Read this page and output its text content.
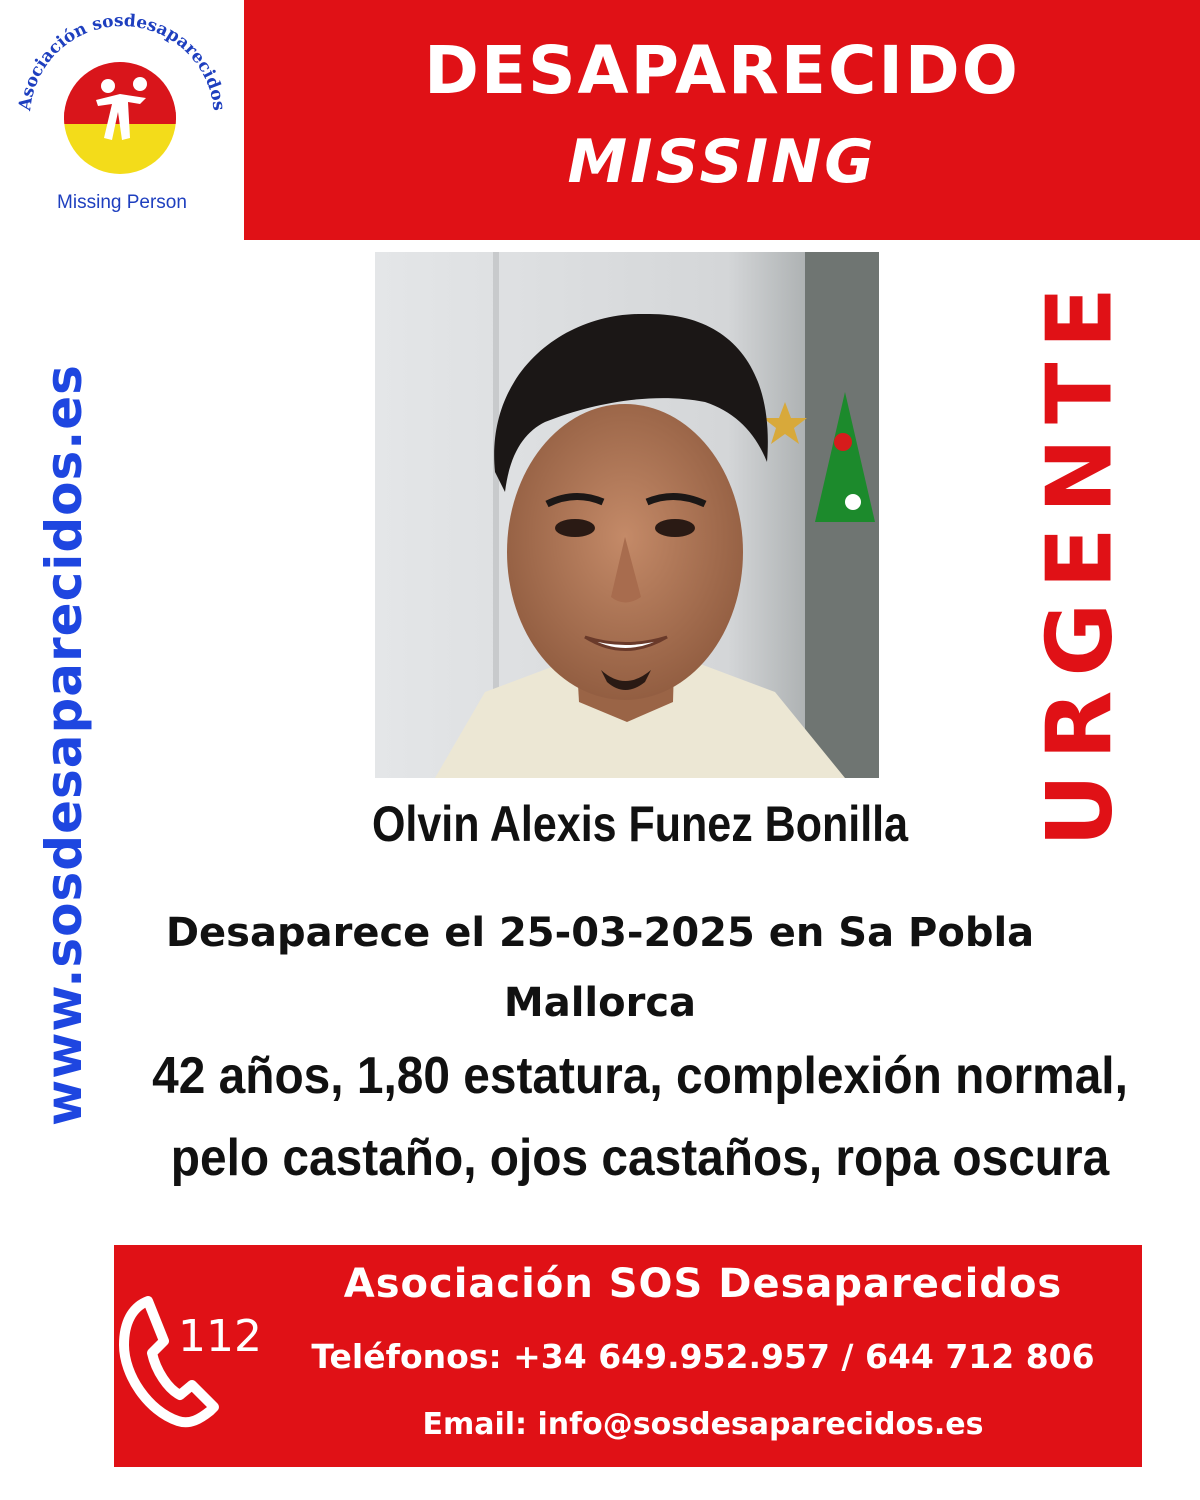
Asociación sosdesaparecidos
Missing Person
DESAPARECIDO
MISSING
www.sosdesaparecidos.es	URGENTE
Olvin Alexis Funez Bonilla
Desaparece el 25-03-2025 en Sa Pobla
Mallorca
42 años, 1,80 estatura, complexión normal,
pelo castaño, ojos castaños, ropa oscura
112
Asociación SOS Desaparecidos
Teléfonos: +34 649.952.957 / 644 712 806
Email: info@sosdesaparecidos.es
